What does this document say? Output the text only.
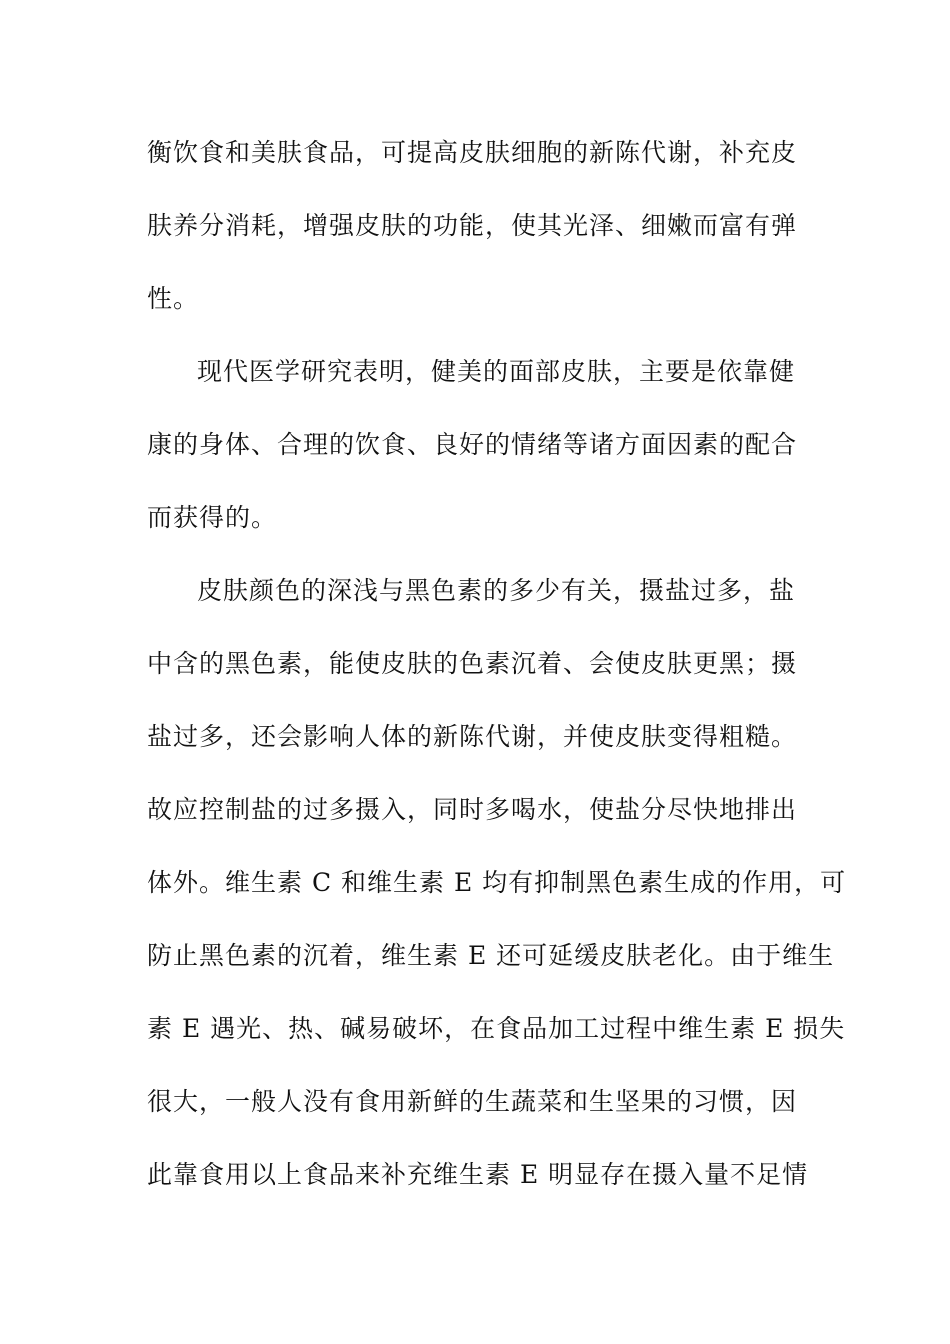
衡饮食和美肤食品，可提高皮肤细胞的新陈代谢，补充皮
肤养分消耗，增强皮肤的功能，使其光泽、细嫩而富有弹
性。
现代医学研究表明，健美的面部皮肤，主要是依靠健
康的身体、合理的饮食、良好的情绪等诸方面因素的配合
而获得的。
皮肤颜色的深浅与黑色素的多少有关，摄盐过多，盐
中含的黑色素，能使皮肤的色素沉着、会使皮肤更黑；摄
盐过多，还会影响人体的新陈代谢，并使皮肤变得粗糙。
故应控制盐的过多摄入，同时多喝水，使盐分尽快地排出
体外。维生素 C 和维生素 E 均有抑制黑色素生成的作用，可
防止黑色素的沉着，维生素 E 还可延缓皮肤老化。由于维生
素 E 遇光、热、碱易破坏，在食品加工过程中维生素 E 损失
很大，一般人没有食用新鲜的生蔬菜和生坚果的习惯，因
此靠食用以上食品来补充维生素 E 明显存在摄入量不足情
